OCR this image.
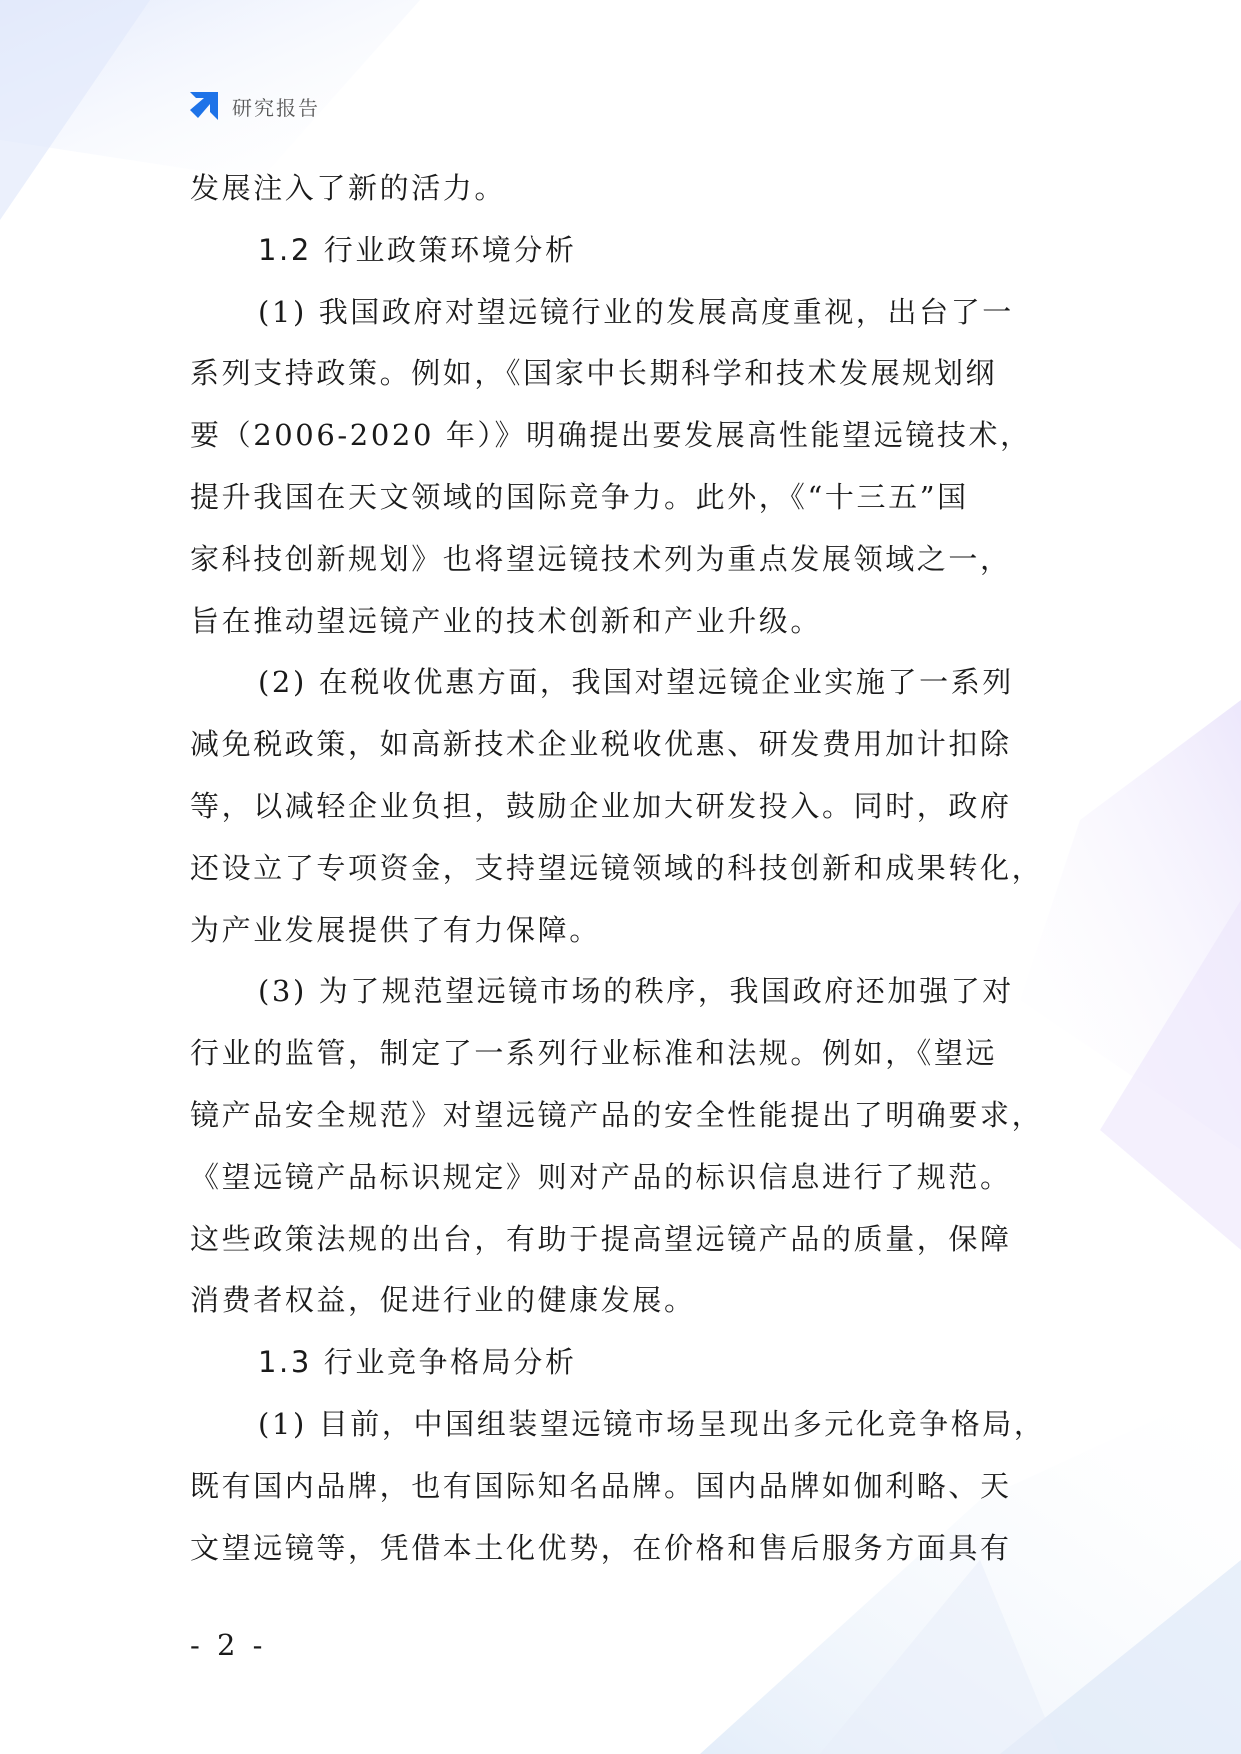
研究报告
发展注入了新的活力。
1.2 行业政策环境分析
(1) 我国政府对望远镜行业的发展高度重视，出台了一
系列支持政策。例如，《国家中长期科学和技术发展规划纲
要（2006-2020 年）》明确提出要发展高性能望远镜技术，
提升我国在天文领域的国际竞争力。此外，《“十三五”国
家科技创新规划》也将望远镜技术列为重点发展领域之一，
旨在推动望远镜产业的技术创新和产业升级。
(2) 在税收优惠方面，我国对望远镜企业实施了一系列
减免税政策，如高新技术企业税收优惠、研发费用加计扣除
等，以减轻企业负担，鼓励企业加大研发投入。同时，政府
还设立了专项资金，支持望远镜领域的科技创新和成果转化，
为产业发展提供了有力保障。
(3) 为了规范望远镜市场的秩序，我国政府还加强了对
行业的监管，制定了一系列行业标准和法规。例如，《望远
镜产品安全规范》对望远镜产品的安全性能提出了明确要求，
《望远镜产品标识规定》则对产品的标识信息进行了规范。
这些政策法规的出台，有助于提高望远镜产品的质量，保障
消费者权益，促进行业的健康发展。
1.3 行业竞争格局分析
(1) 目前，中国组装望远镜市场呈现出多元化竞争格局，
既有国内品牌，也有国际知名品牌。国内品牌如伽利略、天
文望远镜等，凭借本土化优势，在价格和售后服务方面具有
- 2 -
